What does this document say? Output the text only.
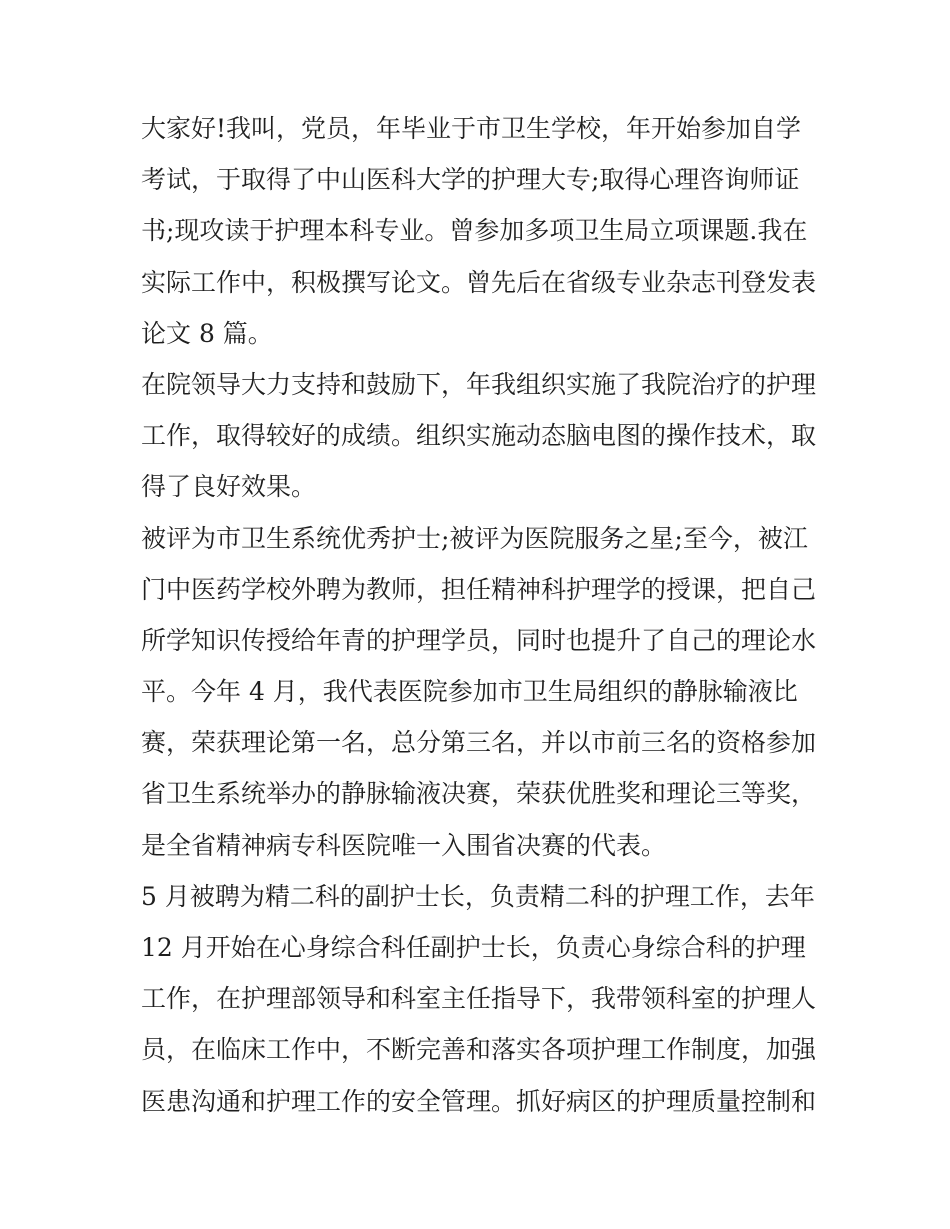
大家好!我叫，党员，年毕业于市卫生学校，年开始参加自学
考试，于取得了中山医科大学的护理大专;取得心理咨询师证
书;现攻读于护理本科专业。曾参加多项卫生局立项课题.我在
实际工作中，积极撰写论文。曾先后在省级专业杂志刊登发表
论文 8 篇。
在院领导大力支持和鼓励下，年我组织实施了我院治疗的护理
工作，取得较好的成绩。组织实施动态脑电图的操作技术，取
得了良好效果。
被评为市卫生系统优秀护士;被评为医院服务之星;至今，被江
门中医药学校外聘为教师，担任精神科护理学的授课，把自己
所学知识传授给年青的护理学员，同时也提升了自己的理论水
平。今年 4 月，我代表医院参加市卫生局组织的静脉输液比
赛，荣获理论第一名，总分第三名，并以市前三名的资格参加
省卫生系统举办的静脉输液决赛，荣获优胜奖和理论三等奖，
是全省精神病专科医院唯一入围省决赛的代表。
5 月被聘为精二科的副护士长，负责精二科的护理工作，去年
12 月开始在心身综合科任副护士长，负责心身综合科的护理
工作，在护理部领导和科室主任指导下，我带领科室的护理人
员，在临床工作中，不断完善和落实各项护理工作制度，加强
医患沟通和护理工作的安全管理。抓好病区的护理质量控制和
